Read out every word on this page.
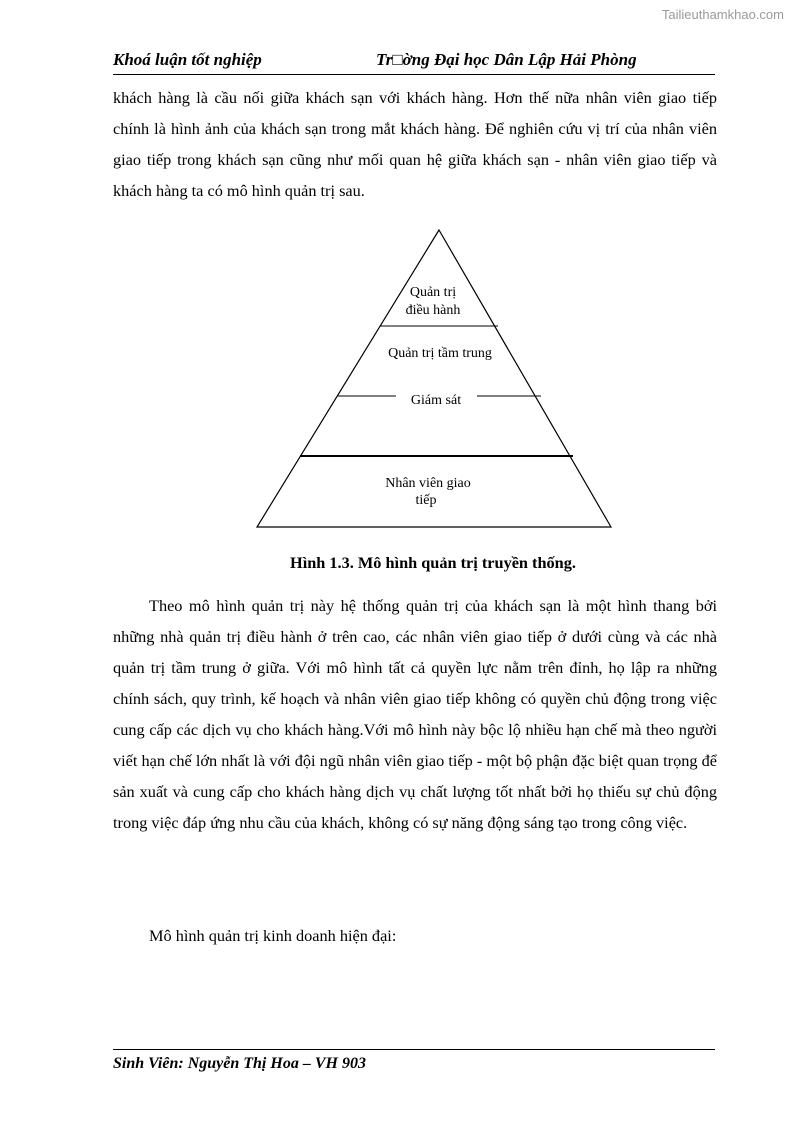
Tailieuthamkhao.com
Khoá luận tốt nghiệp	Tr□ờng Đại học Dân Lập Hải Phòng

khách hàng là cầu nối giữa khách sạn với khách hàng. Hơn thế nữa nhân viên giao tiếp chính là hình ảnh của khách sạn trong mắt khách hàng. Để nghiên cứu vị trí của nhân viên giao tiếp trong khách sạn cũng như mối quan hệ giữa khách sạn - nhân viên giao tiếp và khách hàng ta có mô hình quản trị sau.

Quản trị
điều hành
Quản trị tầm trung
Giám sát
Nhân viên giao
tiếp
Hình 1.3. Mô hình quản trị truyền thống.

Theo mô hình quản trị này hệ thống quản trị của khách sạn là một hình thang bởi những nhà quản trị điều hành ở trên cao, các nhân viên giao tiếp ở dưới cùng và các nhà quản trị tầm trung ở giữa. Với mô hình tất cả quyền lực nằm trên đỉnh, họ lập ra những chính sách, quy trình, kế hoạch và nhân viên giao tiếp không có quyền chủ động trong việc cung cấp các dịch vụ cho khách hàng.Với mô hình này bộc lộ nhiều hạn chế mà theo người viết hạn chế lớn nhất là với đội ngũ nhân viên giao tiếp - một bộ phận đặc biệt quan trọng để sản xuất và cung cấp cho khách hàng dịch vụ chất lượng tốt nhất bởi họ thiếu sự chủ động trong việc đáp ứng nhu cầu của khách, không có sự năng động sáng tạo trong công việc.

Mô hình quản trị kinh doanh hiện đại:

Sinh Viên: Nguyễn Thị Hoa – VH 903
